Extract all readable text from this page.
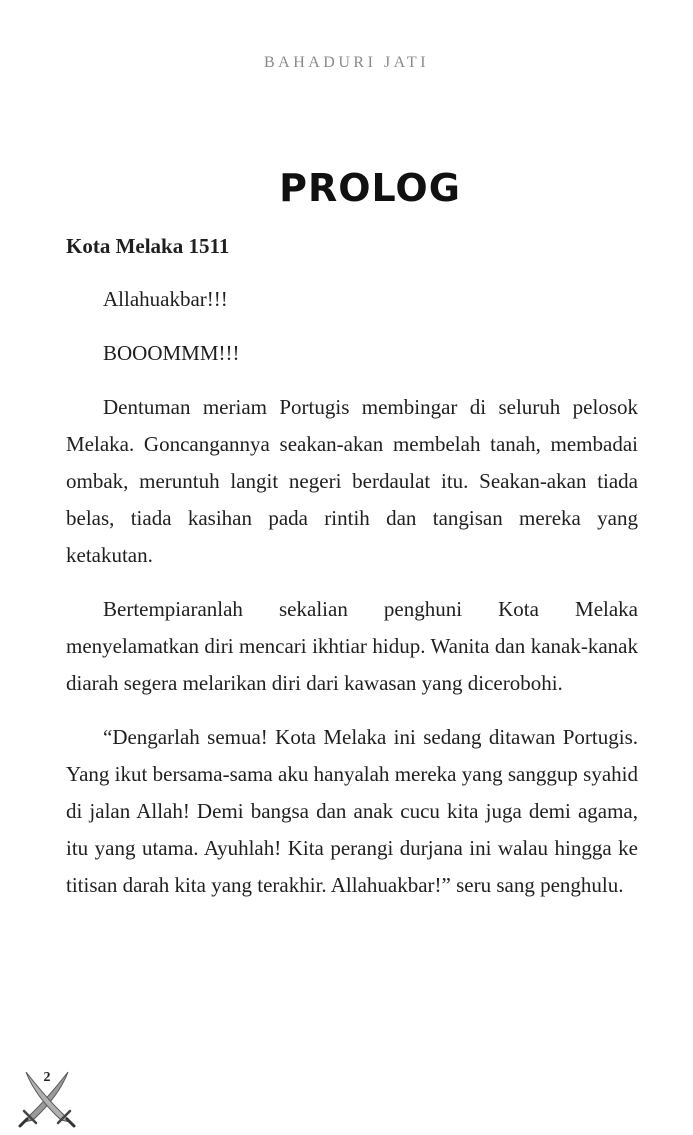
BAHADURI JATI
PROLOG

Kota Melaka 1511

Allahuakbar!!!

BOOOMMM!!!

Dentuman meriam Portugis membingar di seluruh pelosok Melaka. Goncangannya seakan-akan membelah tanah, membadai ombak, meruntuh langit negeri berdaulat itu. Seakan-akan tiada belas, tiada kasihan pada rintih dan tangisan mereka yang ketakutan.

Bertempiaranlah sekalian penghuni Kota Melaka menyelamatkan diri mencari ikhtiar hidup. Wanita dan kanak-kanak diarah segera melarikan diri dari kawasan yang dicerobohi.

“Dengarlah semua! Kota Melaka ini sedang ditawan Portugis. Yang ikut bersama-sama aku hanyalah mereka yang sanggup syahid di jalan Allah! Demi bangsa dan anak cucu kita juga demi agama, itu yang utama. Ayuhlah! Kita perangi durjana ini walau hingga ke titisan darah kita yang terakhir. Allahuakbar!” seru sang penghulu.

2
